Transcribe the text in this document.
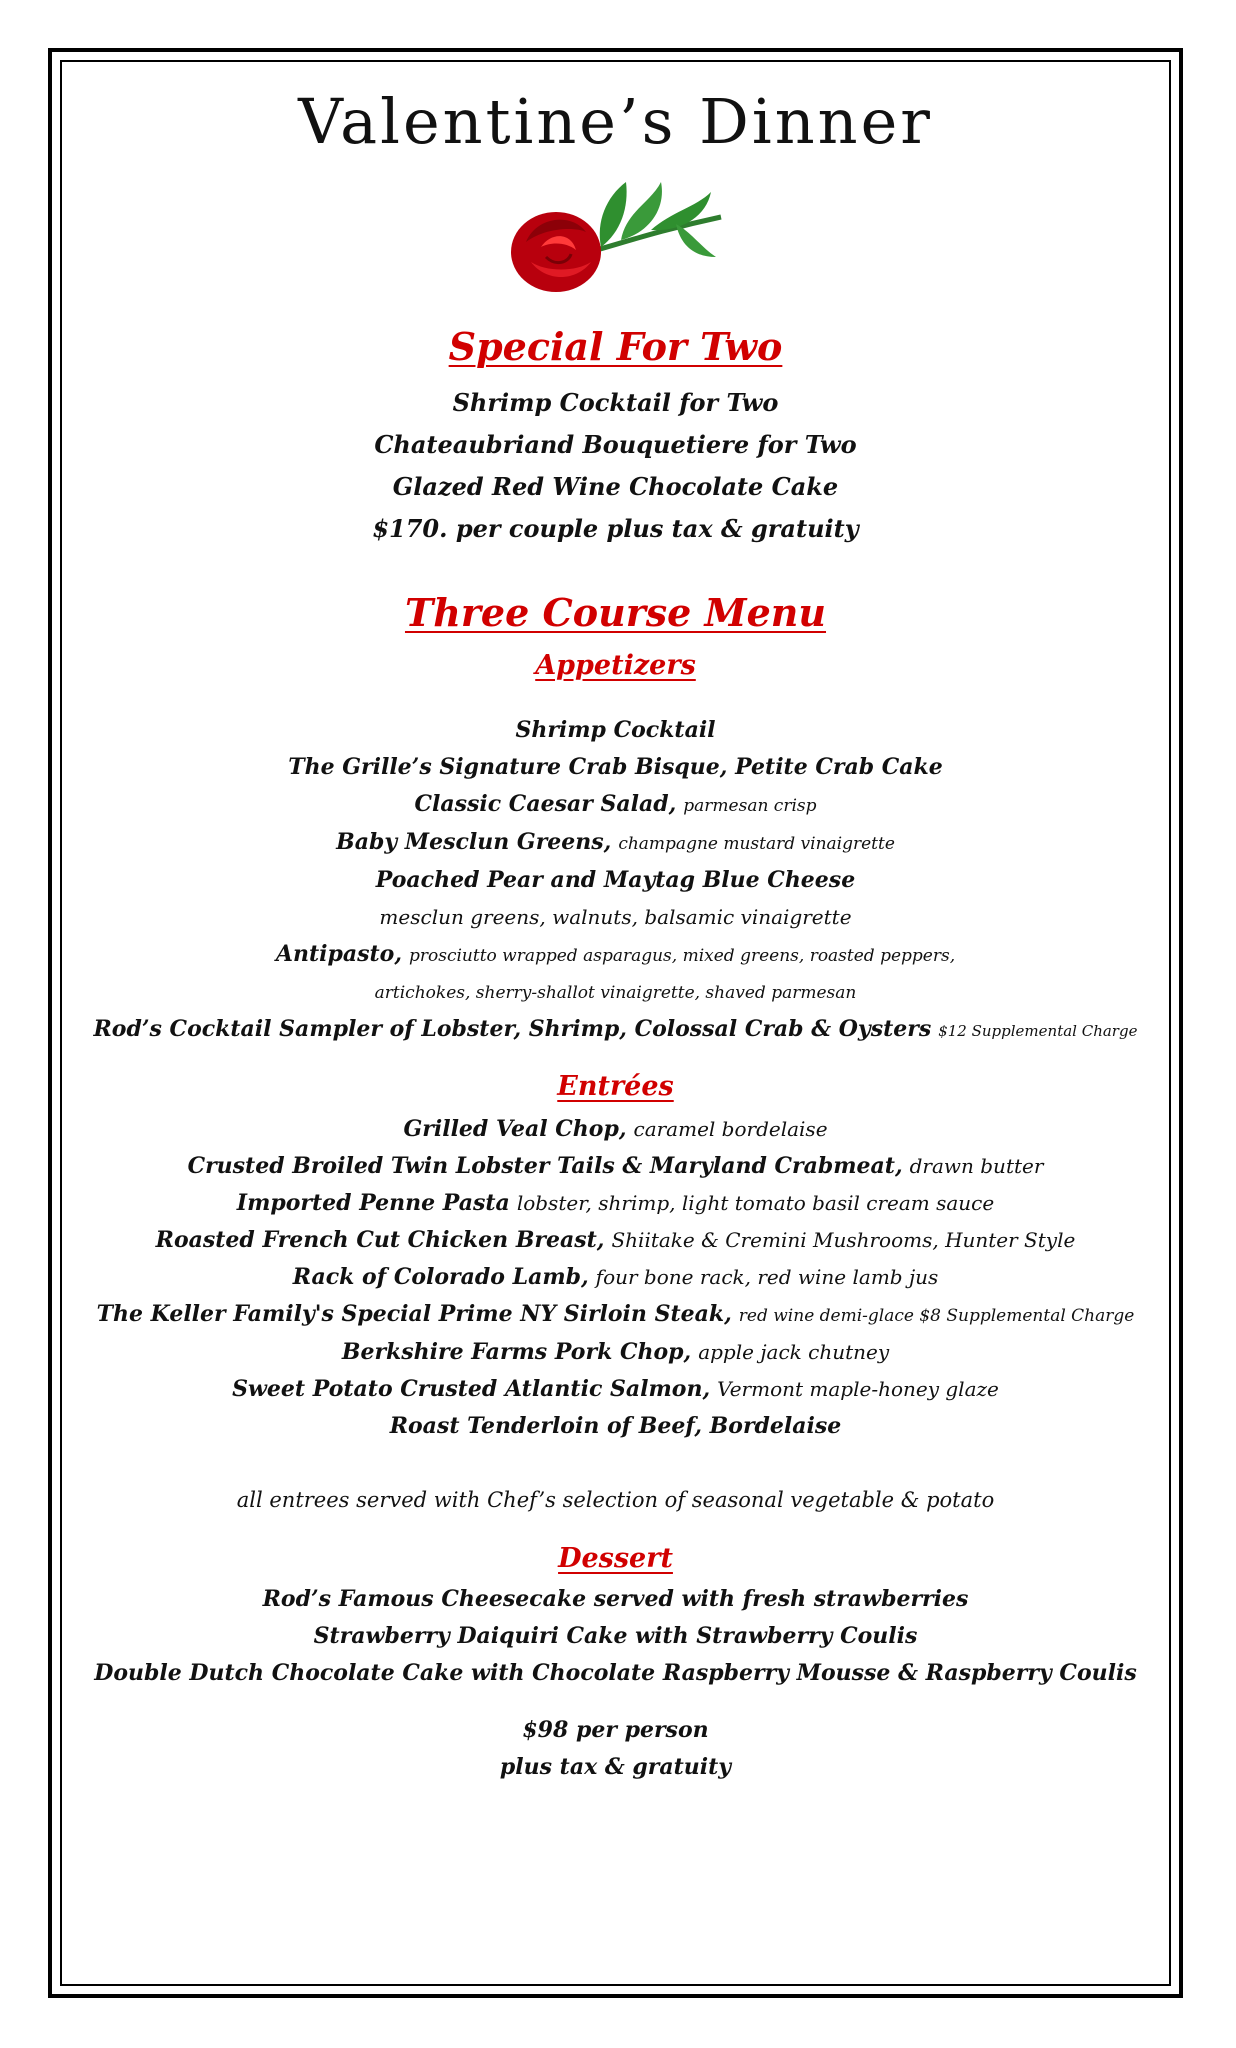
Valentine’s Dinner
Special For Two
Shrimp Cocktail for Two
Chateaubriand Bouquetiere for Two
Glazed Red Wine Chocolate Cake
$170. per couple plus tax & gratuity
Three Course Menu
Appetizers
Shrimp Cocktail
The Grille’s Signature Crab Bisque, Petite Crab Cake
Classic Caesar Salad, parmesan crisp
Baby Mesclun Greens, champagne mustard vinaigrette
Poached Pear and Maytag Blue Cheese
mesclun greens, walnuts, balsamic vinaigrette
Antipasto, prosciutto wrapped asparagus, mixed greens, roasted peppers,
artichokes, sherry-shallot vinaigrette, shaved parmesan
Rod’s Cocktail Sampler of Lobster, Shrimp, Colossal Crab & Oysters $12 Supplemental Charge
Entrées
Grilled Veal Chop, caramel bordelaise
Crusted Broiled Twin Lobster Tails & Maryland Crabmeat, drawn butter
Imported Penne Pasta lobster, shrimp, light tomato basil cream sauce
Roasted French Cut Chicken Breast, Shiitake & Cremini Mushrooms, Hunter Style
Rack of Colorado Lamb, four bone rack, red wine lamb jus
The Keller Family's Special Prime NY Sirloin Steak, red wine demi-glace $8 Supplemental Charge
Berkshire Farms Pork Chop, apple jack chutney
Sweet Potato Crusted Atlantic Salmon, Vermont maple-honey glaze
Roast Tenderloin of Beef, Bordelaise
all entrees served with Chef’s selection of seasonal vegetable & potato
Dessert
Rod’s Famous Cheesecake served with fresh strawberries
Strawberry Daiquiri Cake with Strawberry Coulis
Double Dutch Chocolate Cake with Chocolate Raspberry Mousse & Raspberry Coulis
$98 per person
plus tax & gratuity
